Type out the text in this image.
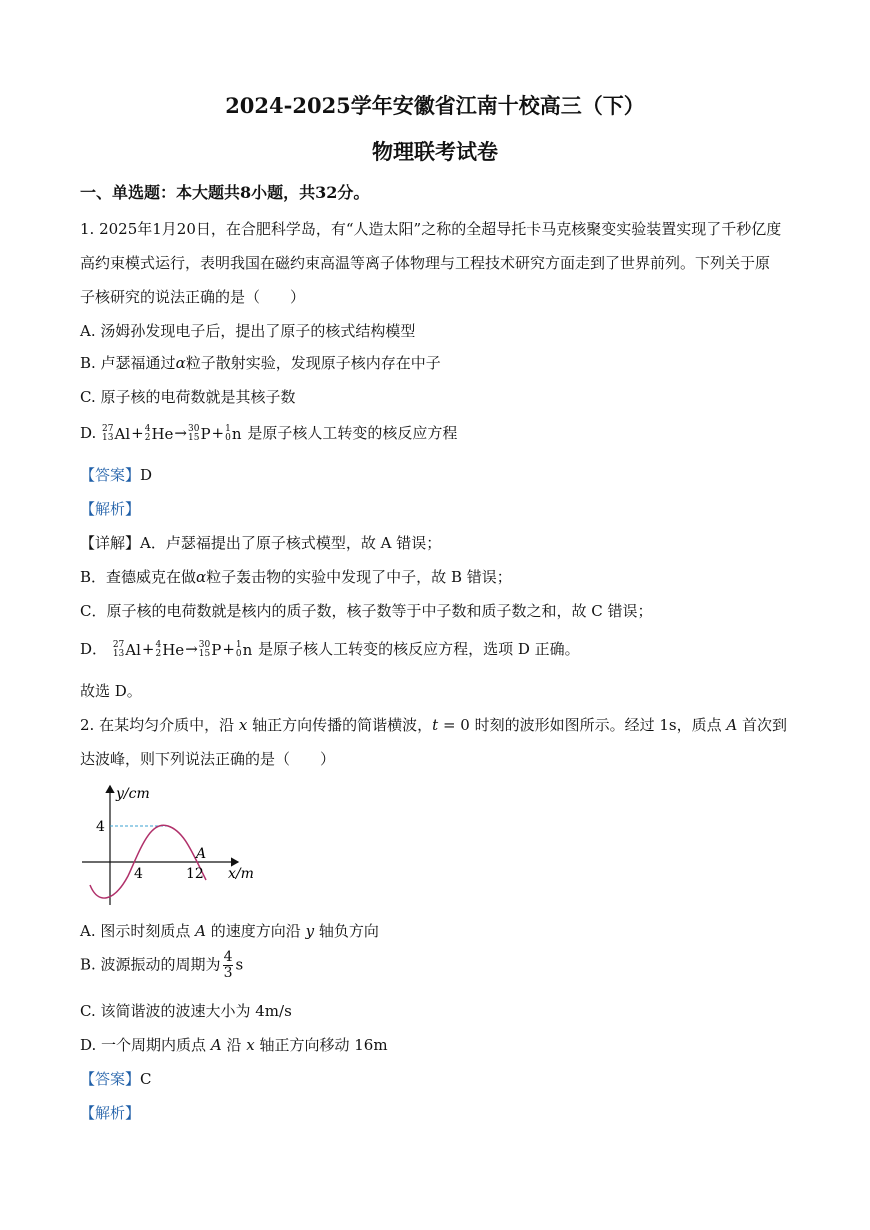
2024-2025学年安徽省江南十校高三（下）
物理联考试卷
一、单选题：本大题共8小题，共32分。
1. 2025年1月20日，在合肥科学岛，有“人造太阳”之称的全超导托卡马克核聚变实验装置实现了千秒亿度
高约束模式运行，表明我国在磁约束高温等离子体物理与工程技术研究方面走到了世界前列。下列关于原
子核研究的说法正确的是（　　）
A. 汤姆孙发现电子后，提出了原子的核式结构模型
B. 卢瑟福通过α粒子散射实验，发现原子核内存在中子
C. 原子核的电荷数就是其核子数
D. 27
13 Al + 4
2 He → 30
15 P + 1
0 n 是原子核人工转变的核反应方程
【答案】D
【解析】
【详解】A．卢瑟福提出了原子核式模型，故 A 错误；
B．查德威克在做α粒子轰击物的实验中发现了中子，故 B 错误；
C．原子核的电荷数就是核内的质子数，核子数等于中子数和质子数之和，故 C 错误；
D． 27
13 Al + 4
2 He → 30
15 P + 1
0 n 是原子核人工转变的核反应方程，选项 D 正确。
故选 D。
2. 在某均匀介质中，沿 x 轴正方向传播的简谐横波，t = 0 时刻的波形如图所示。经过 1s，质点 A 首次到
达波峰，则下列说法正确的是（　　）
y/cm
4
4	12
A
x/m
A. 图示时刻质点 A 的速度方向沿 y 轴负方向
B. 波源振动的周期为 $\frac{4}{3}$ s
C. 该简谐波的波速大小为 4m/s
D. 一个周期内质点 A 沿 x 轴正方向移动 16m
【答案】C
【解析】
